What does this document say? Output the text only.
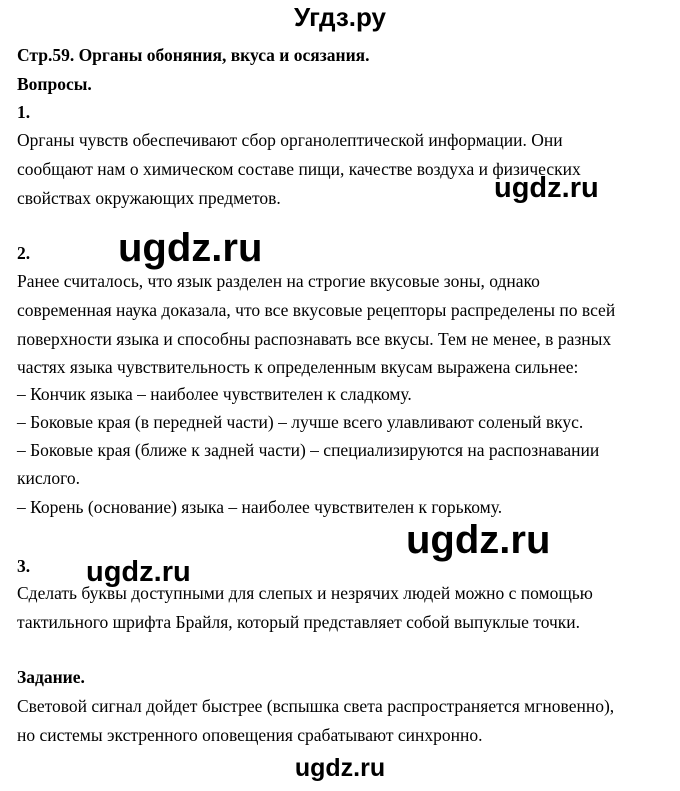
Угдз.ру
Стр.59. Органы обоняния, вкуса и осязания.
Вопросы.
1.
Органы чувств обеспечивают сбор органолептической информации. Они
сообщают нам о химическом составе пищи, качестве воздуха и физических
свойствах окружающих предметов.	ugdz.ru
2. ugdz.ru
Ранее считалось, что язык разделен на строгие вкусовые зоны, однако
современная наука доказала, что все вкусовые рецепторы распределены по всей
поверхности языка и способны распознавать все вкусы. Тем не менее, в разных
частях языка чувствительность к определенным вкусам выражена сильнее:
– Кончик языка – наиболее чувствителен к сладкому.
– Боковые края (в передней части) – лучше всего улавливают соленый вкус.
– Боковые края (ближе к задней части) – специализируются на распознавании
кислого.
– Корень (основание) языка – наиболее чувствителен к горькому.
ugdz.ru
3. ugdz.ru
Сделать буквы доступными для слепых и незрячих людей можно с помощью
тактильного шрифта Брайля, который представляет собой выпуклые точки.
Задание.
Световой сигнал дойдет быстрее (вспышка света распространяется мгновенно),
но системы экстренного оповещения срабатывают синхронно.
ugdz.ru
